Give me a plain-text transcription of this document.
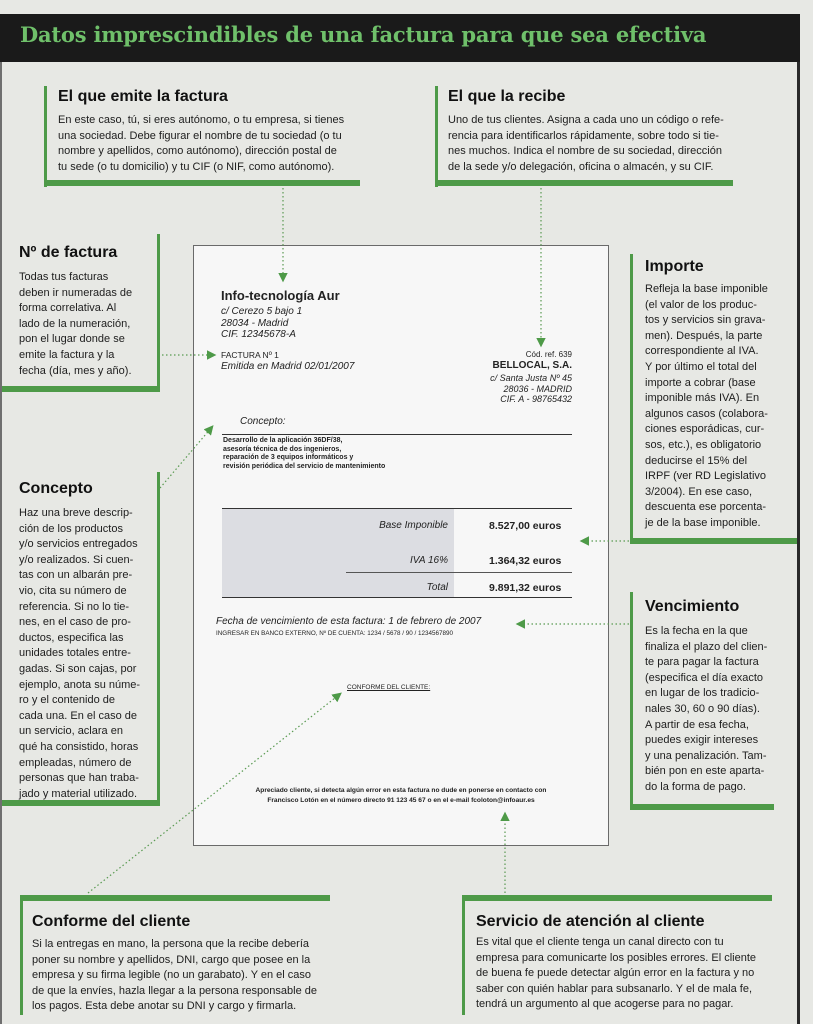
Datos imprescindibles de una factura para que sea efectiva
El que emite la factura
En este caso, tú, si eres autónomo, o tu empresa, si tienes
una sociedad. Debe figurar el nombre de tu sociedad (o tu
nombre y apellidos, como autónomo), dirección postal de
tu sede (o tu domicilio) y tu CIF (o NIF, como autónomo).
El que la recibe
Uno de tus clientes. Asigna a cada uno un código o refe-
rencia para identificarlos rápidamente, sobre todo si tie-
nes muchos. Indica el nombre de su sociedad, dirección
de la sede y/o delegación, oficina o almacén, y su CIF.
Nº de factura
Todas tus facturas
deben ir numeradas de
forma correlativa. Al
lado de la numeración,
pon el lugar donde se
emite la factura y la
fecha (día, mes y año).
Importe
Refleja la base imponible
(el valor de los produc-
tos y servicios sin grava-
men). Después, la parte
correspondiente al IVA.
Y por último el total del
importe a cobrar (base
imponible más IVA). En
algunos casos (colabora-
ciones esporádicas, cur-
sos, etc.), es obligatorio
deducirse el 15% del
IRPF (ver RD Legislativo
3/2004). En ese caso,
descuenta ese porcenta-
je de la base imponible.
Concepto
Haz una breve descrip-
ción de los productos
y/o servicios entregados
y/o realizados. Si cuen-
tas con un albarán pre-
vio, cita su número de
referencia. Si no lo tie-
nes, en el caso de pro-
ductos, especifica las
unidades totales entre-
gadas. Si son cajas, por
ejemplo, anota su núme-
ro y el contenido de
cada una. En el caso de
un servicio, aclara en
qué ha consistido, horas
empleadas, número de
personas que han traba-
jado y material utilizado.
Vencimiento
Es la fecha en la que
finaliza el plazo del clien-
te para pagar la factura
(especifica el día exacto
en lugar de los tradicio-
nales 30, 60 o 90 días).
A partir de esa fecha,
puedes exigir intereses
y una penalización. Tam-
bién pon en este aparta-
do la forma de pago.
Conforme del cliente
Si la entregas en mano, la persona que la recibe debería
poner su nombre y apellidos, DNI, cargo que posee en la
empresa y su firma legible (no un garabato). Y en el caso
de que la envíes, hazla llegar a la persona responsable de
los pagos. Esta debe anotar su DNI y cargo y firmarla.
Servicio de atención al cliente
Es vital que el cliente tenga un canal directo con tu
empresa para comunicarte los posibles errores. El cliente
de buena fe puede detectar algún error en la factura y no
saber con quién hablar para subsanarlo. Y el de mala fe,
tendrá un argumento al que acogerse para no pagar.
Info-tecnología Aur
c/ Cerezo 5 bajo 1
28034 - Madrid
CIF. 12345678-A
FACTURA Nº 1
Emitida en Madrid 02/01/2007
Cód. ref. 639
BELLOCAL, S.A.
c/ Santa Justa Nº 45
28036 - MADRID
CIF. A - 98765432
Concepto:
Desarrollo de la aplicación 36DF/38,
asesoría técnica de dos ingenieros,
reparación de 3 equipos informáticos y
revisión periódica del servicio de mantenimiento
Base Imponible	8.527,00 euros
IVA 16%	1.364,32 euros
Total	9.891,32 euros
Fecha de vencimiento de esta factura: 1 de febrero de 2007
INGRESAR EN BANCO EXTERNO, Nº DE CUENTA: 1234 / 5678 / 90 / 1234567890
CONFORME DEL CLIENTE:
Apreciado cliente, si detecta algún error en esta factura no dude en ponerse en contacto con
Francisco Lotón en el número directo 91 123 45 67 o en el e-mail fcoloton@infoaur.es
